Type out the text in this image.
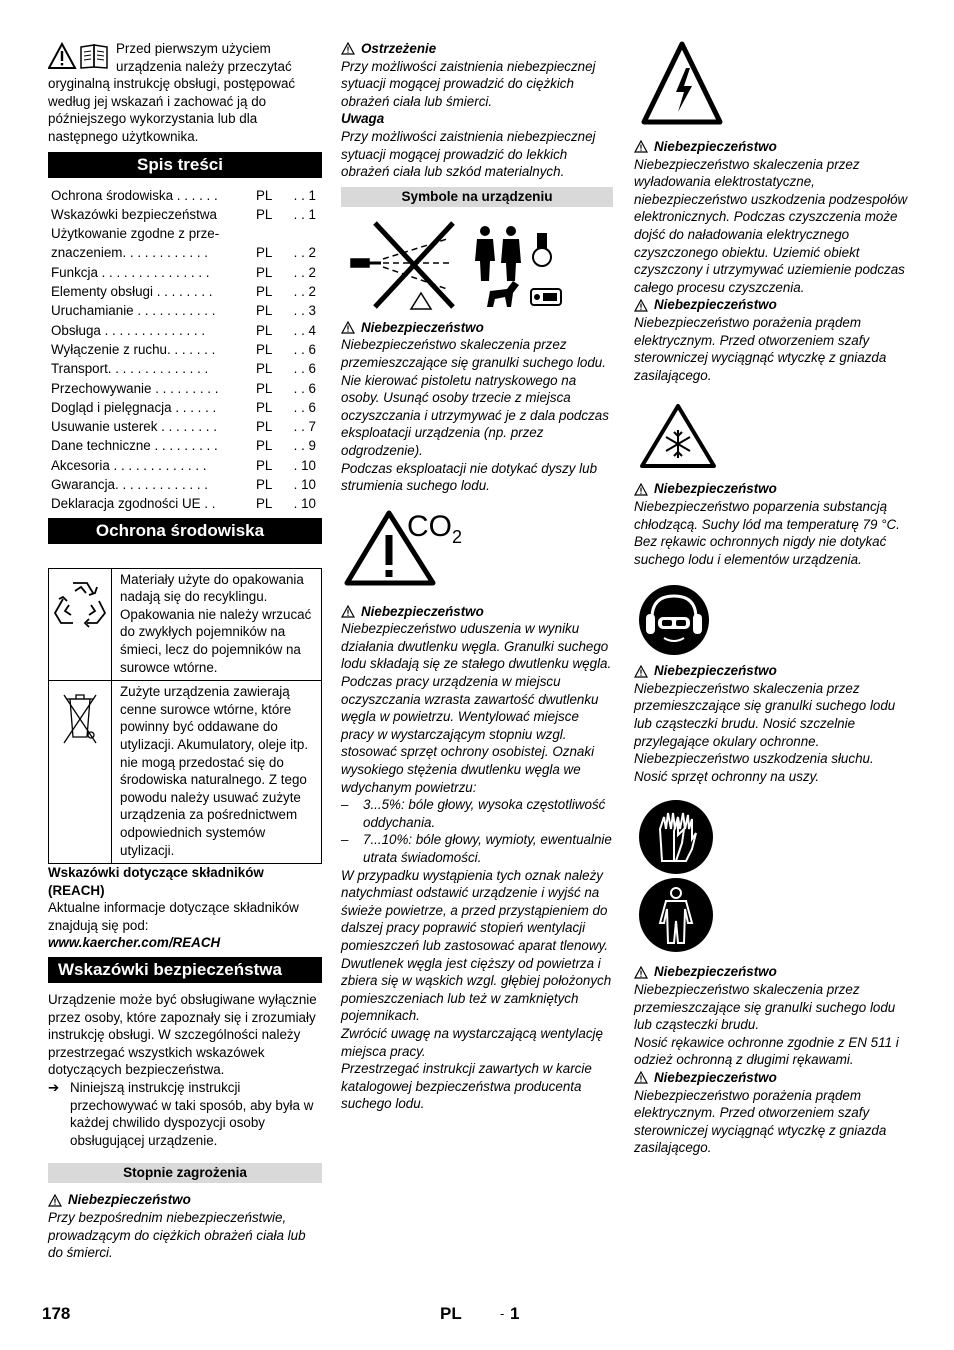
Przed pierwszym użyciem urządzenia należy przeczytać oryginalną instrukcję obsługi, postępować według jej wskazań i zachować ją do późniejszego wykorzystania lub dla następnego użytkownika.

Spis treści
Ochrona środowiska . . . . . .	PL	. . 1
Wskazówki bezpieczeństwa	PL	. . 1
Użytkowanie zgodne z prze-
znaczeniem. . . . . . . . . . . .	PL	. . 2
Funkcja . . . . . . . . . . . . . . .	PL	. . 2
Elementy obsługi . . . . . . . .	PL	. . 2
Uruchamianie . . . . . . . . . . .	PL	. . 3
Obsługa . . . . . . . . . . . . . .	PL	. . 4
Wyłączenie z ruchu. . . . . . .	PL	. . 6
Transport. . . . . . . . . . . . . .	PL	. . 6
Przechowywanie . . . . . . . . .	PL	. . 6
Dogląd i pielęgnacja . . . . . .	PL	. . 6
Usuwanie usterek . . . . . . . .	PL	. . 7
Dane techniczne . . . . . . . . .	PL	. . 9
Akcesoria . . . . . . . . . . . . .	PL	. 10
Gwarancja. . . . . . . . . . . . .	PL	. 10
Deklaracja zgodności UE . .	PL	. 10
Ochrona środowiska
Materiały użyte do opakowania nadają się do recyklingu. Opakowania nie należy wrzucać do zwykłych pojemników na śmieci, lecz do pojemników na surowce wtórne.
Zużyte urządzenia zawierają cenne surowce wtórne, które powinny być oddawane do utylizacji. Akumulatory, oleje itp. nie mogą przedostać się do środowiska naturalnego. Z tego powodu należy usuwać zużyte urządzenia za pośrednictwem odpowiednich systemów utylizacji.

Wskazówki dotyczące składników (REACH)

Aktualne informacje dotyczące składników znajdują się pod:

www.kaercher.com/REACH

Wskazówki bezpieczeństwa

Urządzenie może być obsługiwane wyłącznie przez osoby, które zapoznały się i zrozumiały instrukcję obsługi. W szczególności należy przestrzegać wszystkich wskazówek dotyczących bezpieczeństwa.

➔ Niniejszą instrukcję instrukcji przechowywać w taki sposób, aby była w każdej chwilido dyspozycji osoby obsługującej urządzenie.
Stopnie zagrożenia
Niebezpieczeństwo

Przy bezpośrednim niebezpieczeństwie, prowadzącym do ciężkich obrażeń ciała lub do śmierci.

Ostrzeżenie

Przy możliwości zaistnienia niebezpiecznej sytuacji mogącej prowadzić do ciężkich obrażeń ciała lub śmierci.

Uwaga

Przy możliwości zaistnienia niebezpiecznej sytuacji mogącej prowadzić do lekkich obrażeń ciała lub szkód materialnych.

Symbole na urządzeniu
Niebezpieczeństwo

Niebezpieczeństwo skaleczenia przez przemieszczające się granulki suchego lodu. Nie kierować pistoletu natryskowego na osoby. Usunąć osoby trzecie z miejsca oczyszczania i utrzymywać je z dala podczas eksploatacji urządzenia (np. przez odgrodzenie).

Podczas eksploatacji nie dotykać dyszy lub strumienia suchego lodu.

$CO_2$
Niebezpieczeństwo

Niebezpieczeństwo uduszenia w wyniku działania dwutlenku węgla. Granulki suchego lodu składają się ze stałego dwutlenku węgla. Podczas pracy urządzenia w miejscu oczyszczania wzrasta zawartość dwutlenku węgla w powietrzu. Wentylować miejsce pracy w wystarczającym stopniu wzgl. stosować sprzęt ochrony osobistej. Oznaki wysokiego stężenia dwutlenku węgla we wdychanym powietrzu:

–	3...5%: bóle głowy, wysoka częstotliwość oddychania.
–	7...10%: bóle głowy, wymioty, ewentualnie utrata świadomości.

W przypadku wystąpienia tych oznak należy natychmiast odstawić urządzenie i wyjść na świeże powietrze, a przed przystąpieniem do dalszej pracy poprawić stopień wentylacji pomieszczeń lub zastosować aparat tlenowy.

Dwutlenek węgla jest cięższy od powietrza i zbiera się w wąskich wzgl. głębiej położonych pomieszczeniach lub też w zamkniętych pojemnikach.

Zwrócić uwagę na wystarczającą wentylację miejsca pracy.

Przestrzegać instrukcji zawartych w karcie katalogowej bezpieczeństwa producenta suchego lodu.

Niebezpieczeństwo

Niebezpieczeństwo skaleczenia przez wyładowania elektrostatyczne, niebezpieczeństwo uszkodzenia podzespołów elektronicznych. Podczas czyszczenia może dojść do naładowania elektrycznego czyszczonego obiektu. Uziemić obiekt czyszczony i utrzymywać uziemienie podczas całego procesu czyszczenia.

Niebezpieczeństwo

Niebezpieczeństwo porażenia prądem elektrycznym. Przed otworzeniem szafy sterowniczej wyciągnąć wtyczkę z gniazda zasilającego.

Niebezpieczeństwo

Niebezpieczeństwo poparzenia substancją chłodzącą. Suchy lód ma temperaturę 79 °C. Bez rękawic ochronnych nigdy nie dotykać suchego lodu i elementów urządzenia.

Niebezpieczeństwo

Niebezpieczeństwo skaleczenia przez przemieszczające się granulki suchego lodu lub cząsteczki brudu. Nosić szczelnie przylegające okulary ochronne. Niebezpieczeństwo uszkodzenia słuchu. Nosić sprzęt ochronny na uszy.

Niebezpieczeństwo

Niebezpieczeństwo skaleczenia przez przemieszczające się granulki suchego lodu lub cząsteczki brudu.

Nosić rękawice ochronne zgodnie z EN 511 i odzież ochronną z długimi rękawami.

Niebezpieczeństwo

Niebezpieczeństwo porażenia prądem elektrycznym. Przed otworzeniem szafy sterowniczej wyciągnąć wtyczkę z gniazda zasilającego.

178	PL	- 1
